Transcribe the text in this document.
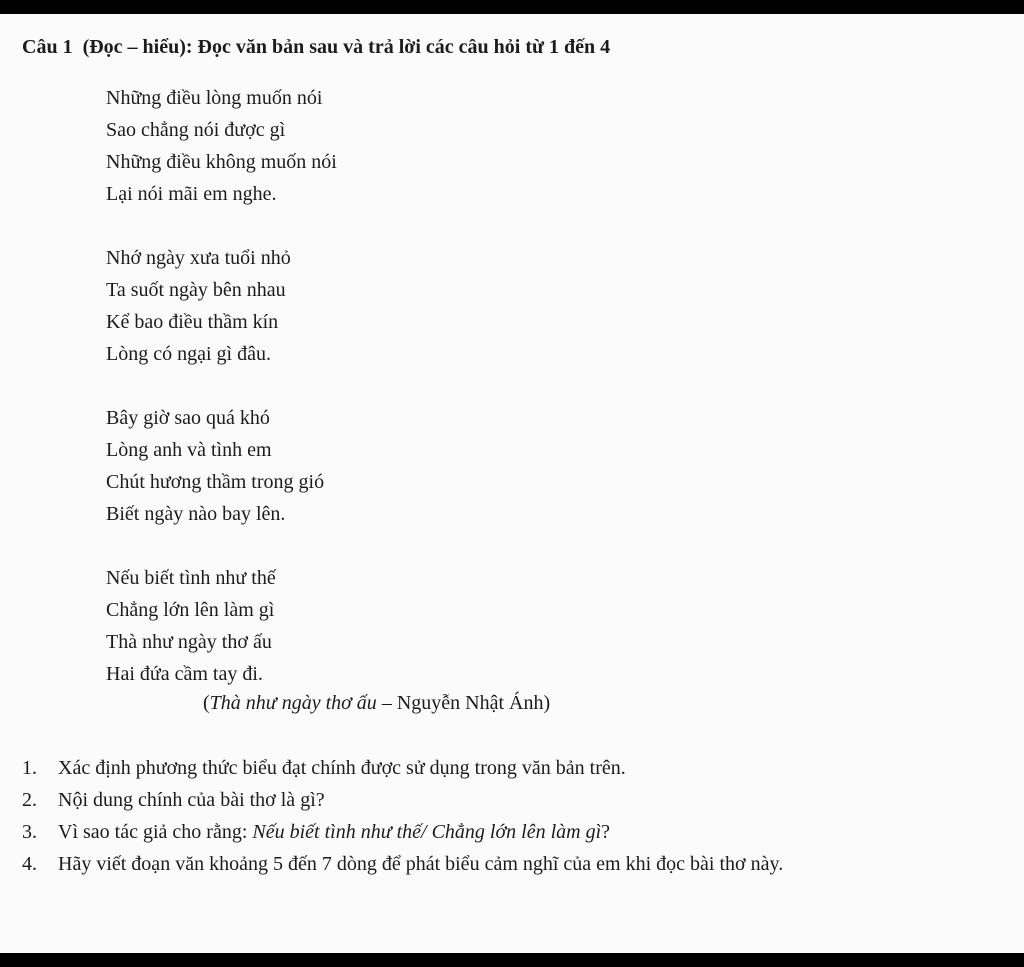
Câu 1 (Đọc – hiểu): Đọc văn bản sau và trả lời các câu hỏi từ 1 đến 4

Những điều lòng muốn nói
Sao chẳng nói được gì
Những điều không muốn nói
Lại nói mãi em nghe.
Nhớ ngày xưa tuổi nhỏ
Ta suốt ngày bên nhau
Kể bao điều thầm kín
Lòng có ngại gì đâu.
Bây giờ sao quá khó
Lòng anh và tình em
Chút hương thầm trong gió
Biết ngày nào bay lên.
Nếu biết tình như thế
Chẳng lớn lên làm gì
Thà như ngày thơ ấu
Hai đứa cầm tay đi.
(Thà như ngày thơ ấu – Nguyễn Nhật Ánh)
1. Xác định phương thức biểu đạt chính được sử dụng trong văn bản trên.
2. Nội dung chính của bài thơ là gì?
3. Vì sao tác giả cho rằng: Nếu biết tình như thế/ Chẳng lớn lên làm gì?
4. Hãy viết đoạn văn khoảng 5 đến 7 dòng để phát biểu cảm nghĩ của em khi đọc bài thơ này.
